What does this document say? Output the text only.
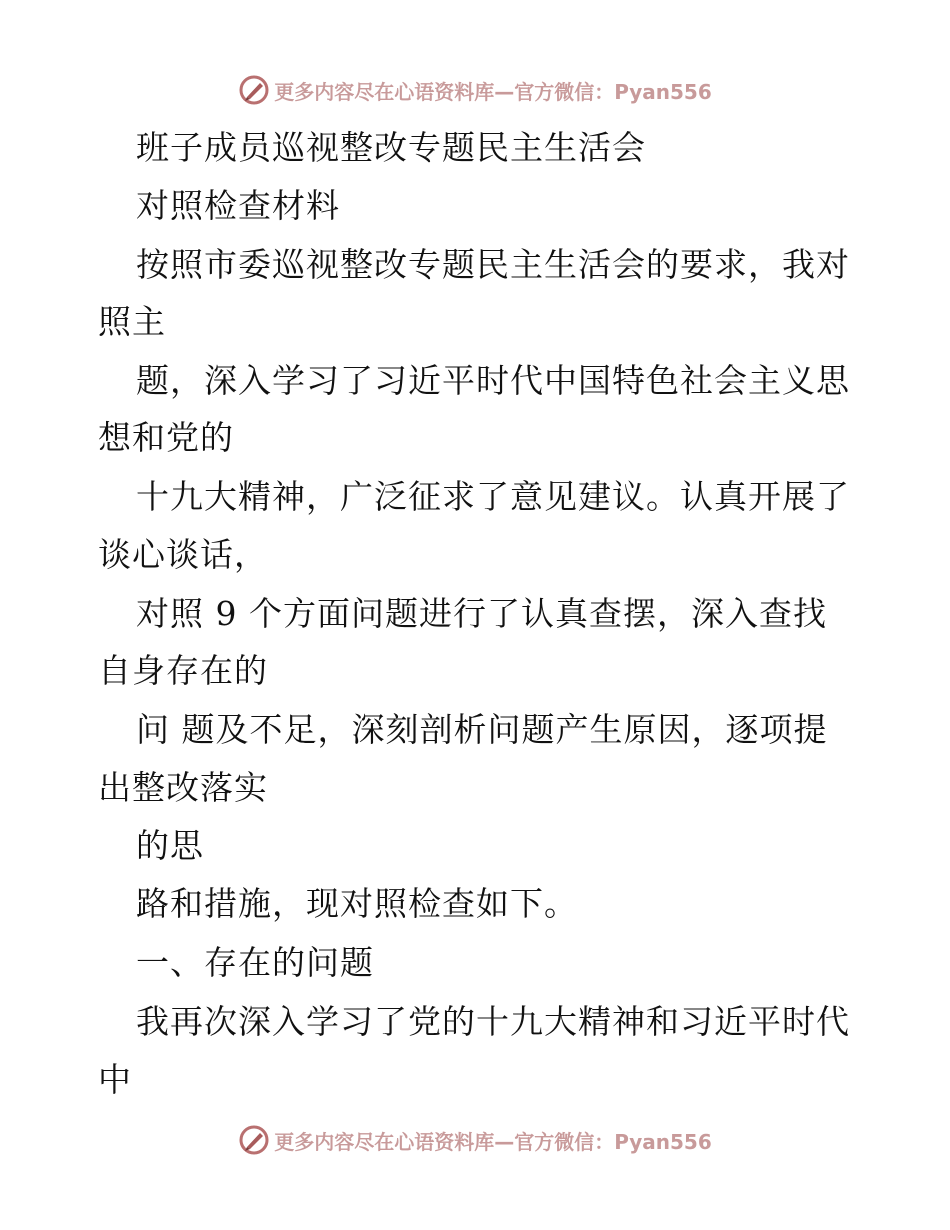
更多内容尽在心语资料库—官方微信：Pyan556
班子成员巡视整改专题民主生活会
对照检查材料
按照市委巡视整改专题民主生活会的要求，我对
照主
题，深入学习了习近平时代中国特色社会主义思
想和党的
十九大精神，广泛征求了意见建议。认真开展了
谈心谈话，
对照 9 个方面问题进行了认真查摆，深入查找
自身存在的
问 题及不足，深刻剖析问题产生原因，逐项提
出整改落实
的思
路和措施，现对照检查如下。
一、存在的问题
我再次深入学习了党的十九大精神和习近平时代
中
更多内容尽在心语资料库—官方微信：Pyan556
